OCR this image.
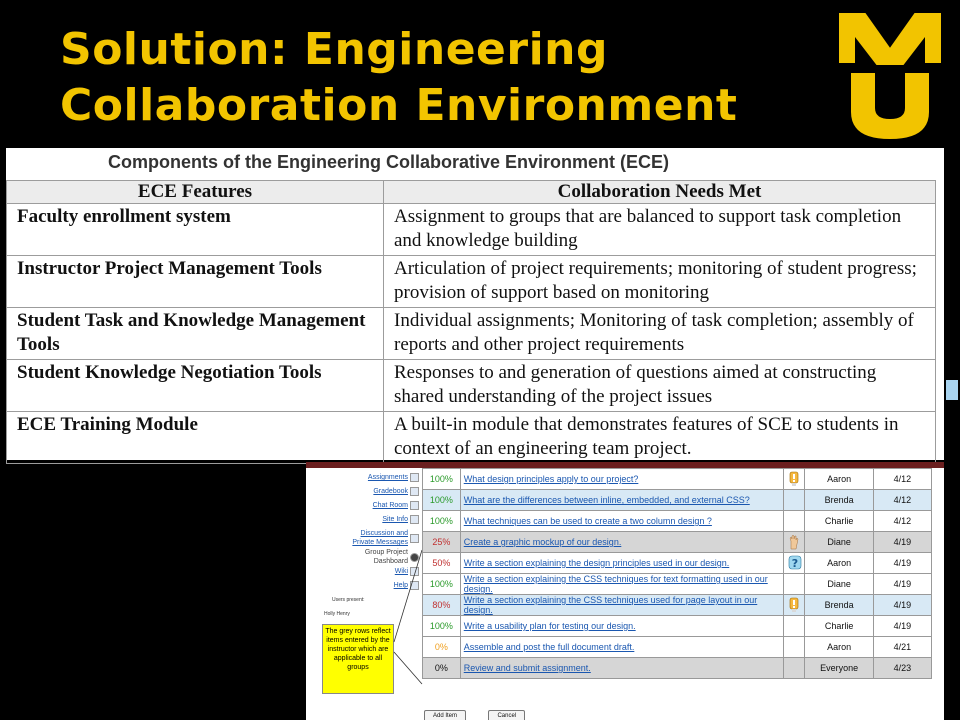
Solution: Engineering
Collaboration Environment
Components of the Engineering Collaborative Environment (ECE)
ECE Features	Collaboration Needs Met
Faculty enrollment system	Assignment to groups that are balanced to support task completion and knowledge building
Instructor Project Management Tools	Articulation of project requirements; monitoring of student progress; provision of support based on monitoring
Student Task and Knowledge Management Tools	Individual assignments; Monitoring of task completion; assembly of reports and other project requirements
Student Knowledge Negotiation Tools	Responses to and generation of questions aimed at constructing shared understanding of the project issues
ECE Training Module	A built-in module that demonstrates features of SCE to students in context of an engineering team project.
Assignments
Gradebook
Chat Room
Site Info
Discussion and
Private Messages
Group Project
Dashboard
Wiki
Help
Users present:
Holly Henry
The grey rows reflect items entered by the instructor which are applicable to all groups
100%	What design principles apply to our project?		Aaron	4/12
100%	What are the differences between inline, embedded, and external CSS?		Brenda	4/12
100%	What techniques can be used to create a two column design ?		Charlie	4/12
25%	Create a graphic mockup of our design.		Diane	4/19
50%	Write a section explaining the design principles used in our design.	?	Aaron	4/19
100%	Write a section explaining the CSS techniques for text formatting used in our design.		Diane	4/19
80%	Write a section explaining the CSS techniques used for page layout in our design.		Brenda	4/19
100%	Write a usability plan for testing our design.		Charlie	4/19
0%	Assemble and post the full document draft.		Aaron	4/21
0%	Review and submit assignment.		Everyone	4/23
Add Item	Cancel
